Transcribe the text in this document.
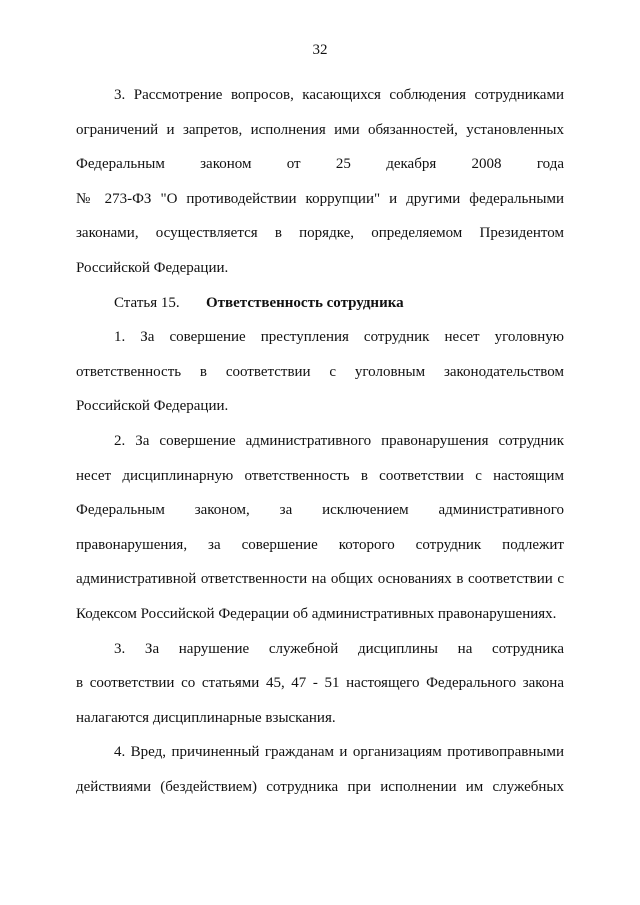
32
3. Рассмотрение вопросов, касающихся соблюдения сотрудниками
ограничений и запретов, исполнения ими обязанностей, установленных
Федеральным законом от 25 декабря 2008 года
№ 273-ФЗ "О противодействии коррупции" и другими федеральными
законами, осуществляется в порядке, определяемом Президентом
Российской Федерации.
Статья 15. Ответственность сотрудника
1. За совершение преступления сотрудник несет уголовную
ответственность в соответствии с уголовным законодательством
Российской Федерации.
2. За совершение административного правонарушения сотрудник
несет дисциплинарную ответственность в соответствии с настоящим
Федеральным законом, за исключением административного
правонарушения, за совершение которого сотрудник подлежит
административной ответственности на общих основаниях в соответствии с
Кодексом Российской Федерации об административных правонарушениях.
3. За нарушение служебной дисциплины на сотрудника
в соответствии со статьями 45, 47 - 51 настоящего Федерального закона
налагаются дисциплинарные взыскания.
4. Вред, причиненный гражданам и организациям противоправными
действиями (бездействием) сотрудника при исполнении им служебных
